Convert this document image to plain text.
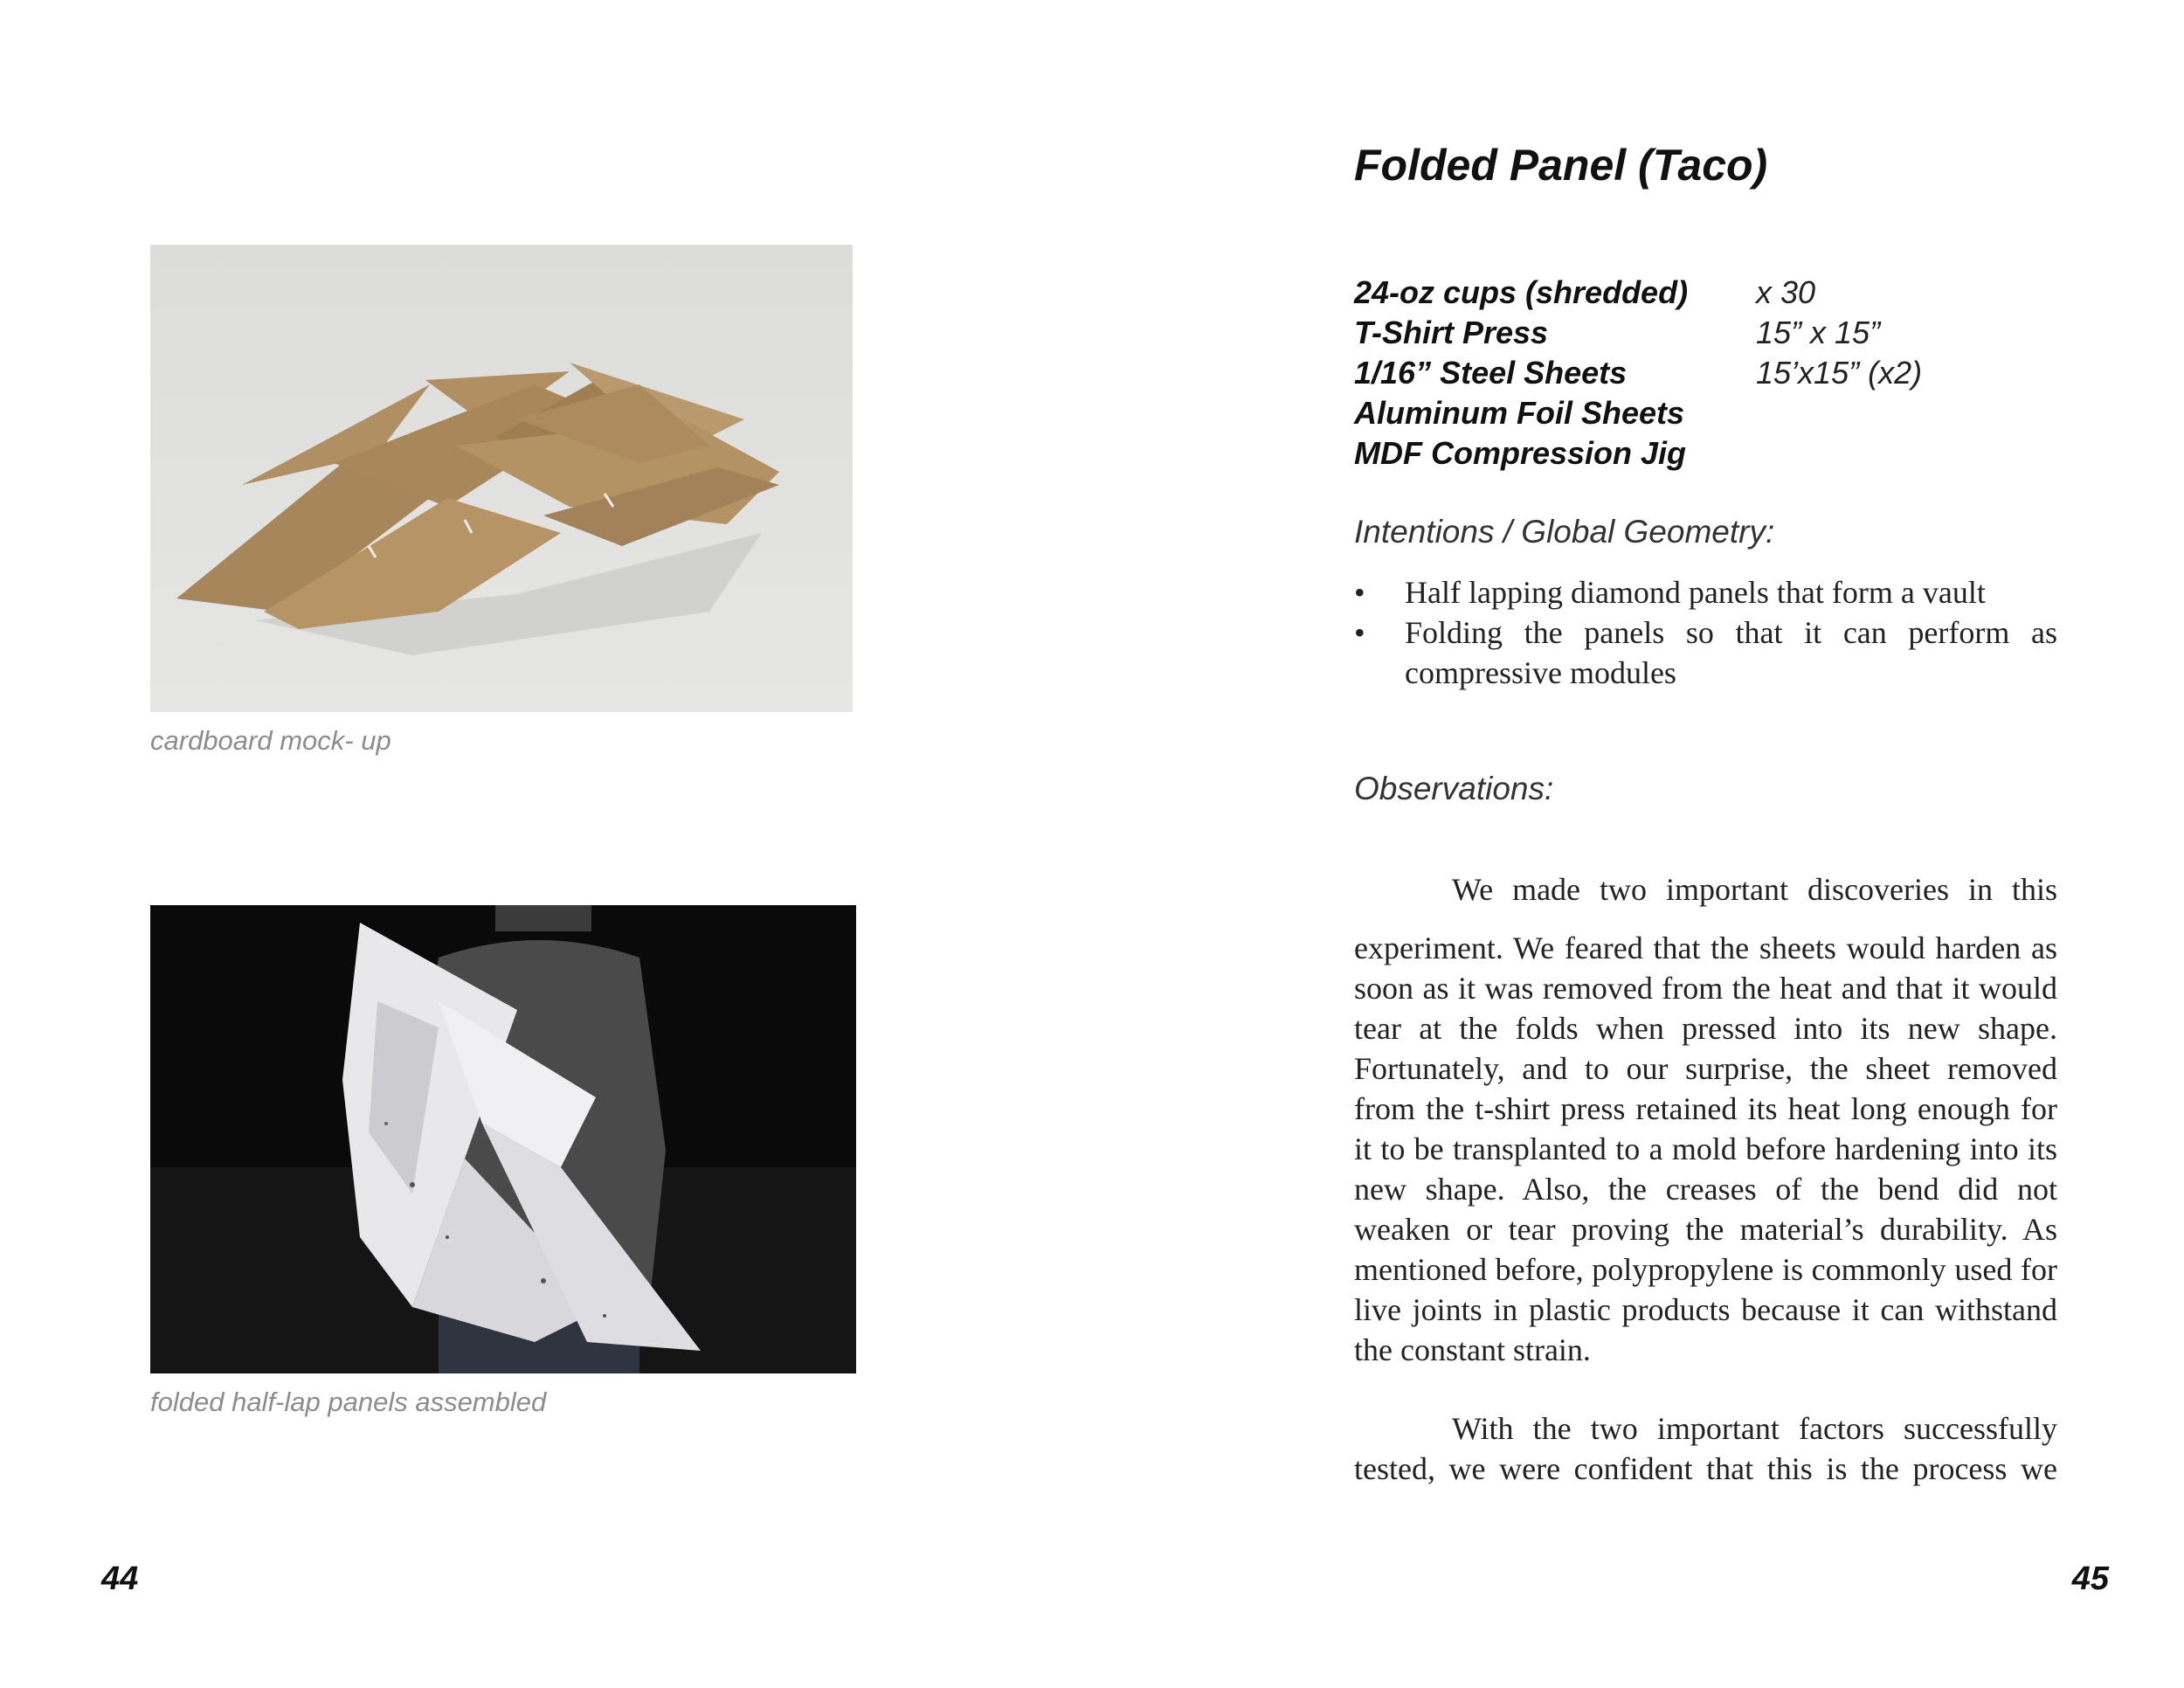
cardboard mock- up
folded half-lap panels assembled
44
Folded Panel (Taco)
24-oz cups (shredded)	x 30
T-Shirt Press	15” x 15”
1/16” Steel Sheets	15’x15” (x2)
Aluminum Foil Sheets
MDF Compression Jig
Intentions / Global Geometry:
• Half lapping diamond panels that form a vault
• Folding the panels so that it can perform as compressive modules
Observations:

We made two important discoveries in this

experiment. We feared that the sheets would harden as soon as it was removed from the heat and that it would tear at the folds when pressed into its new shape. Fortunately, and to our surprise, the sheet removed from the t-shirt press retained its heat long enough for it to be transplanted to a mold before hardening into its new shape. Also, the creases of the bend did not weaken or tear proving the material’s durability. As mentioned before, polypropylene is commonly used for live joints in plastic products because it can withstand the constant strain.

With the two important factors successfully tested, we were confident that this is the process we

45
